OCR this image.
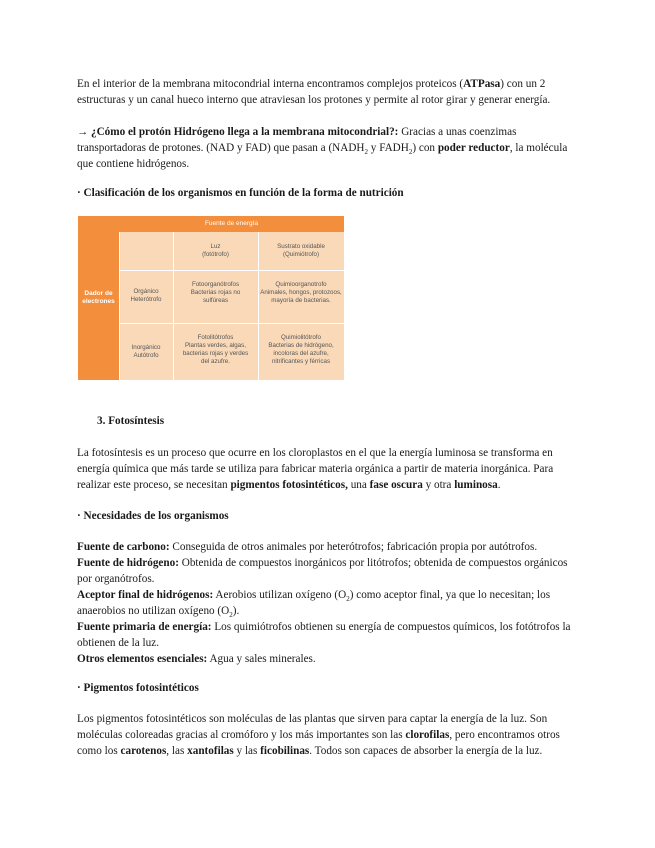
En el interior de la membrana mitocondrial interna encontramos complejos proteicos (ATPasa) con un 2 estructuras y un canal hueco interno que atraviesan los protones y permite al rotor girar y generar energía.

→ ¿Cómo el protón Hidrógeno llega a la membrana mitocondrial?: Gracias a unas coenzimas transportadoras de protones. (NAD y FAD) que pasan a ($NADH_2$ y $FADH_2$) con poder reductor, la molécula que contiene hidrógenos.

· Clasificación de los organismos en función de la forma de nutrición

Fuente de energía
Dador de electrones
Luz
(fotótrofo)
Sustrato oxidable
(Quimiótrofo)
Orgánico
Heterótrofo
Inorgánico
Autótrofo
Fotoorganótrofos
Bacterias rojas no
sulfúreas
Quimioorganotrofo
Animales, hongos, protozoos,
mayoría de bacterias.
Fotolitótrofos
Plantas verdes, algas,
bacterias rojas y verdes
del azufre.
Quimiolitótrofo
Bacterias de hidrógeno,
incoloras del azufre,
nitrificantes y férricas

3. Fotosíntesis

La fotosíntesis es un proceso que ocurre en los cloroplastos en el que la energía luminosa se transforma en energía química que más tarde se utiliza para fabricar materia orgánica a partir de materia inorgánica. Para realizar este proceso, se necesitan pigmentos fotosintéticos, una fase oscura y otra luminosa.

· Necesidades de los organismos

Fuente de carbono: Conseguida de otros animales por heterótrofos; fabricación propia por autótrofos.
Fuente de hidrógeno: Obtenida de compuestos inorgánicos por litótrofos; obtenida de compuestos orgánicos por organótrofos.
Aceptor final de hidrógenos: Aerobios utilizan oxígeno $(O_2)$ como aceptor final, ya que lo necesitan; los anaerobios no utilizan oxígeno $(O_2)$.
Fuente primaria de energía: Los quimiótrofos obtienen su energía de compuestos químicos, los fotótrofos la obtienen de la luz.
Otros elementos esenciales: Agua y sales minerales.

· Pigmentos fotosintéticos

Los pigmentos fotosintéticos son moléculas de las plantas que sirven para captar la energía de la luz. Son moléculas coloreadas gracias al cromóforo y los más importantes son las clorofilas, pero encontramos otros como los carotenos, las xantofilas y las ficobilinas. Todos son capaces de absorber la energía de la luz.
